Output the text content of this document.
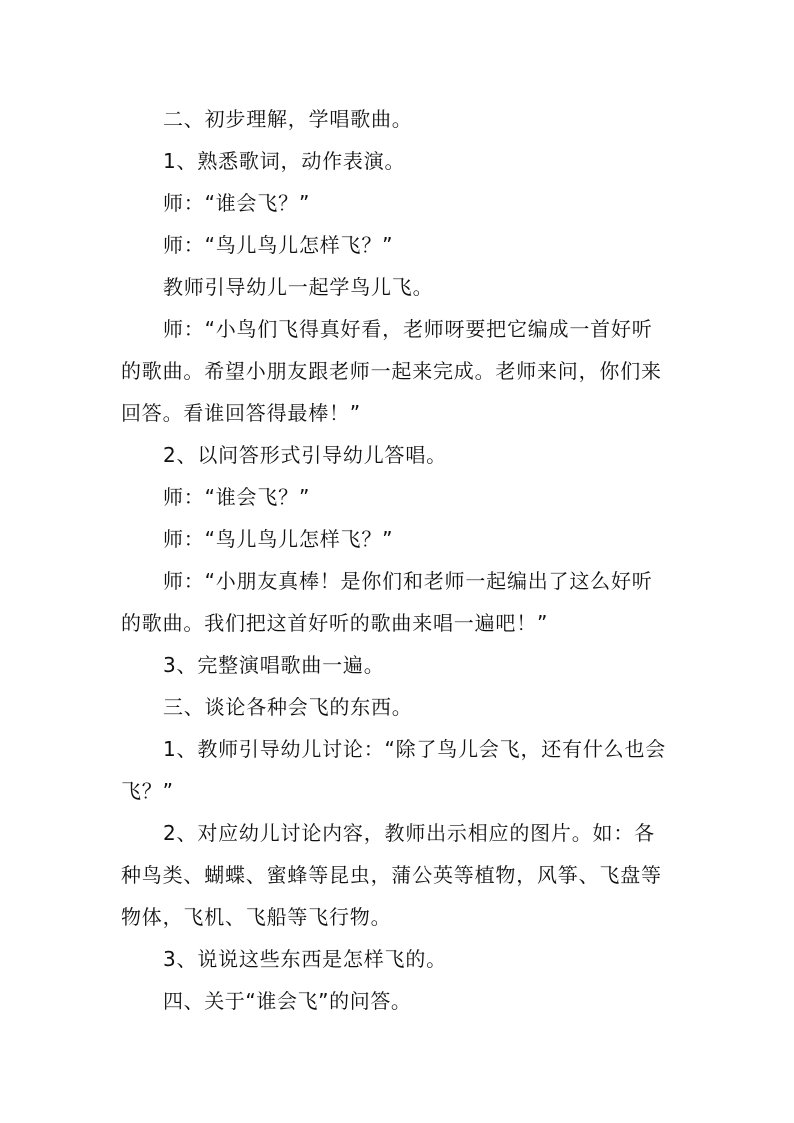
二、初步理解，学唱歌曲。

1、熟悉歌词，动作表演。

师：“谁会飞？”

师：“鸟儿鸟儿怎样飞？”

教师引导幼儿一起学鸟儿飞。

师：“小鸟们飞得真好看，老师呀要把它编成一首好听的歌曲。希望小朋友跟老师一起来完成。老师来问，你们来回答。看谁回答得最棒！”

2、以问答形式引导幼儿答唱。

师：“谁会飞？”

师：“鸟儿鸟儿怎样飞？”

师：“小朋友真棒！是你们和老师一起编出了这么好听的歌曲。我们把这首好听的歌曲来唱一遍吧！”

3、完整演唱歌曲一遍。

三、谈论各种会飞的东西。

1、教师引导幼儿讨论：“除了鸟儿会飞，还有什么也会飞？”

2、对应幼儿讨论内容，教师出示相应的图片。如：各种鸟类、蝴蝶、蜜蜂等昆虫，蒲公英等植物，风筝、飞盘等物体，飞机、飞船等飞行物。

3、说说这些东西是怎样飞的。

四、关于“谁会飞”的问答。
